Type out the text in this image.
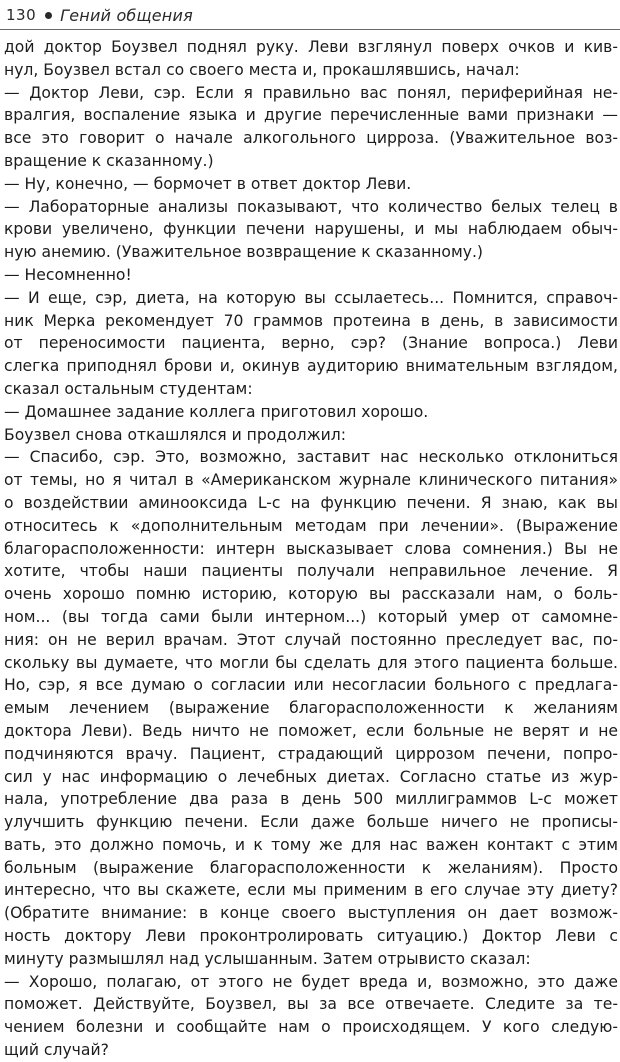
130 Гений общения
дой доктор Боузвел поднял руку. Леви взглянул поверх очков и кив-
нул, Боузвел встал со своего места и, прокашлявшись, начал:
— Доктор Леви, сэр. Если я правильно вас понял, периферийная не-
вралгия, воспаление языка и другие перечисленные вами признаки —
все это говорит о начале алкогольного цирроза. (Уважительное воз-
вращение к сказанному.)
— Ну, конечно, — бормочет в ответ доктор Леви.
— Лабораторные анализы показывают, что количество белых телец в
крови увеличено, функции печени нарушены, и мы наблюдаем обыч-
ную анемию. (Уважительное возвращение к сказанному.)
— Несомненно!
— И еще, сэр, диета, на которую вы ссылаетесь... Помнится, справоч-
ник Мерка рекомендует 70 граммов протеина в день, в зависимости
от переносимости пациента, верно, сэр? (Знание вопроса.) Леви
слегка приподнял брови и, окинув аудиторию внимательным взглядом,
сказал остальным студентам:
— Домашнее задание коллега приготовил хорошо.
Боузвел снова откашлялся и продолжил:
— Спасибо, сэр. Это, возможно, заставит нас несколько отклониться
от темы, но я читал в «Американском журнале клинического питания»
о воздействии аминооксида L-c на функцию печени. Я знаю, как вы
относитесь к «дополнительным методам при лечении». (Выражение
благорасположенности: интерн высказывает слова сомнения.) Вы не
хотите, чтобы наши пациенты получали неправильное лечение. Я
очень хорошо помню историю, которую вы рассказали нам, о боль-
ном... (вы тогда сами были интерном...) который умер от самомне-
ния: он не верил врачам. Этот случай постоянно преследует вас, по-
скольку вы думаете, что могли бы сделать для этого пациента больше.
Но, сэр, я все думаю о согласии или несогласии больного с предлага-
емым лечением (выражение благорасположенности к желаниям
доктора Леви). Ведь ничто не поможет, если больные не верят и не
подчиняются врачу. Пациент, страдающий циррозом печени, попро-
сил у нас информацию о лечебных диетах. Согласно статье из жур-
нала, употребление два раза в день 500 миллиграммов L-c может
улучшить функцию печени. Если даже больше ничего не прописы-
вать, это должно помочь, и к тому же для нас важен контакт с этим
больным (выражение благорасположенности к желаниям). Просто
интересно, что вы скажете, если мы применим в его случае эту диету?
(Обратите внимание: в конце своего выступления он дает возмож-
ность доктору Леви проконтролировать ситуацию.) Доктор Леви с
минуту размышлял над услышанным. Затем отрывисто сказал:
— Хорошо, полагаю, от этого не будет вреда и, возможно, это даже
поможет. Действуйте, Боузвел, вы за все отвечаете. Следите за те-
чением болезни и сообщайте нам о происходящем. У кого следую-
щий случай?
